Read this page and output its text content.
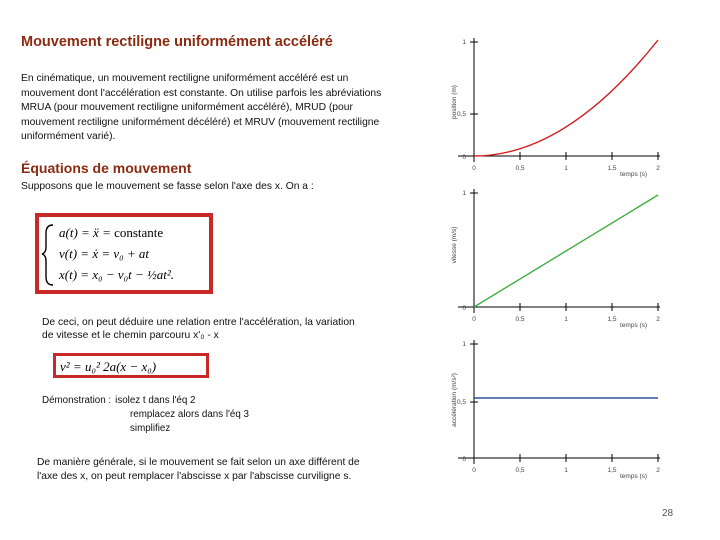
Mouvement rectiligne uniformément accéléré
En cinématique, un mouvement rectiligne uniformément accéléré est un mouvement dont l'accélération est constante. On utilise parfois les abréviations MRUA (pour mouvement rectiligne uniformément accéléré), MRUD (pour mouvement rectiligne uniformément décéléré) et MRUV (mouvement rectiligne uniformément varié).
Équations de mouvement
Supposons que le mouvement se fasse selon l'axe des x. On a :
a(t) = ẍ = constante
v(t) = ẋ = v₀ + at
x(t) = x₀ − v₀t − ½at².
De ceci, on peut déduire une relation entre l'accélération, la variation de vitesse et le chemin parcouru x'₀ - x
v² = u₀² 2a(x − x₀)
Démonstration : isolez t dans l'éq 2
remplacez alors dans l'éq 3
simplifiez
De manière générale, si le mouvement se fait selon un axe différent de l'axe des x, on peut remplacer l'abscisse x par l'abscisse curviligne s.
1
0,5
0
0	0,5	1	1,5	2
temps (s)
position (m)
1
0
0	0,5	1	1,5	2
temps (s)
vitesse (m/s)
1
0,5
0
0	0,5	1	1,5	2
temps (s)
accélération (m/s²)
28
